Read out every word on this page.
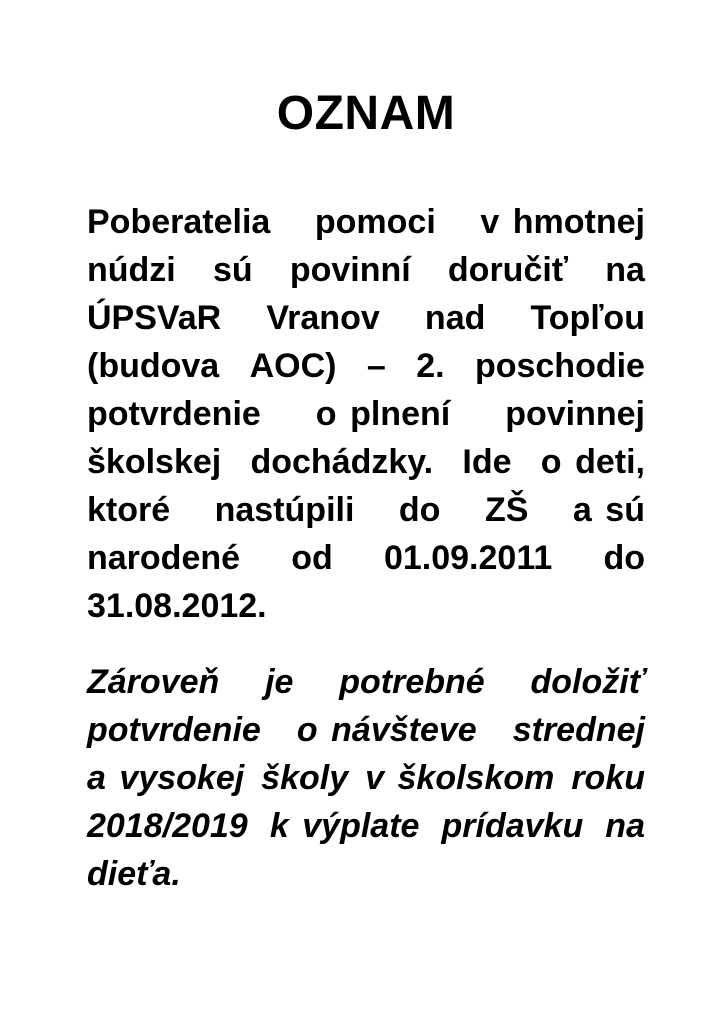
OZNAM
Poberatelia pomoci v hmotnej
núdzi sú povinní doručiť na
ÚPSVaR Vranov nad Topľou
(budova AOC) – 2. poschodie
potvrdenie o plnení povinnej
školskej dochádzky. Ide o deti,
ktoré nastúpili do ZŠ a sú
narodené od 01.09.2011 do
31.08.2012.
Zároveň je potrebné doložiť
potvrdenie o návšteve strednej
a vysokej školy v školskom roku
2018/2019 k výplate prídavku na
dieťa.
